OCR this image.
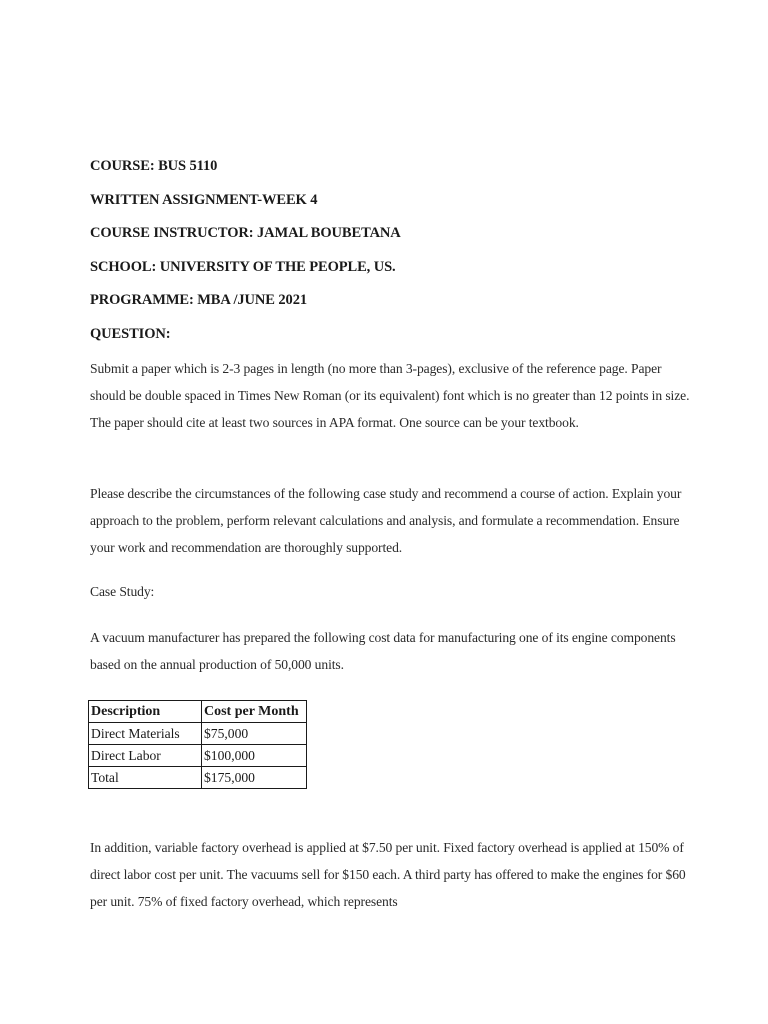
COURSE: BUS 5110
WRITTEN ASSIGNMENT-WEEK 4
COURSE INSTRUCTOR: JAMAL BOUBETANA
SCHOOL: UNIVERSITY OF THE PEOPLE, US.
PROGRAMME: MBA /JUNE 2021
QUESTION:
Submit a paper which is 2-3 pages in length (no more than 3-pages), exclusive of the reference page. Paper should be double spaced in Times New Roman (or its equivalent) font which is no greater than 12 points in size. The paper should cite at least two sources in APA format. One source can be your textbook.
Please describe the circumstances of the following case study and recommend a course of action. Explain your approach to the problem, perform relevant calculations and analysis, and formulate a recommendation. Ensure your work and recommendation are thoroughly supported.
Case Study:
A vacuum manufacturer has prepared the following cost data for manufacturing one of its engine components based on the annual production of 50,000 units.
Description	Cost per Month
Direct Materials	$75,000
Direct Labor	$100,000
Total	$175,000
In addition, variable factory overhead is applied at $7.50 per unit. Fixed factory overhead is applied at 150% of direct labor cost per unit. The vacuums sell for $150 each. A third party has offered to make the engines for $60 per unit. 75% of fixed factory overhead, which represents
